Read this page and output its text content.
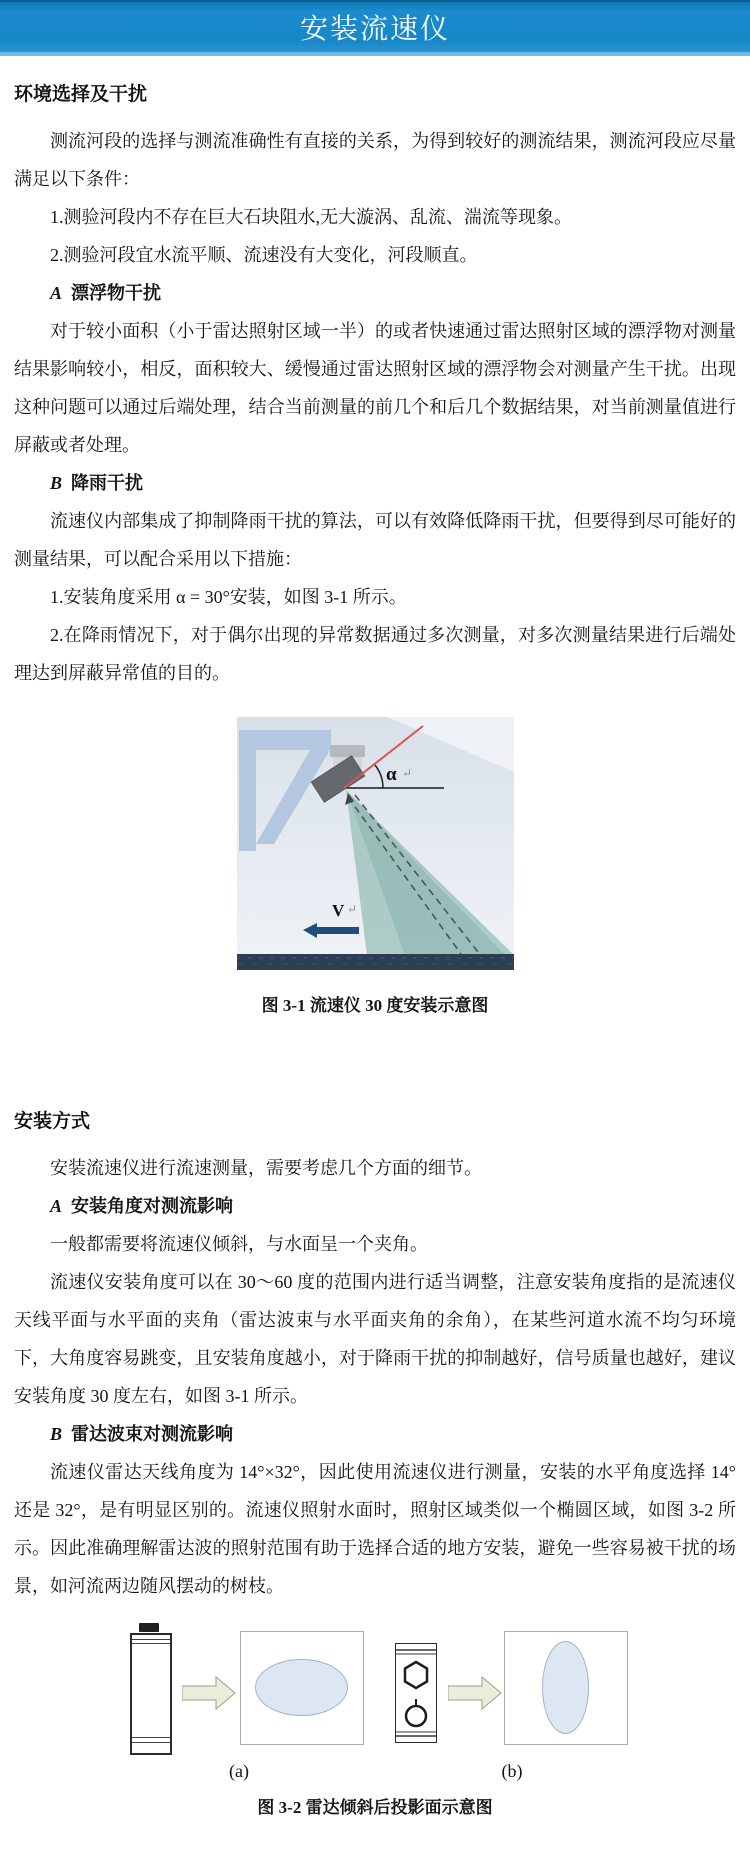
安装流速仪
环境选择及干扰

测流河段的选择与测流准确性有直接的关系，为得到较好的测流结果，测流河段应尽量满足以下条件：

1.测验河段内不存在巨大石块阻水,无大漩涡、乱流、湍流等现象。

2.测验河段宜水流平顺、流速没有大变化，河段顺直。

A 漂浮物干扰

对于较小面积（小于雷达照射区域一半）的或者快速通过雷达照射区域的漂浮物对测量结果影响较小，相反，面积较大、缓慢通过雷达照射区域的漂浮物会对测量产生干扰。出现这种问题可以通过后端处理，结合当前测量的前几个和后几个数据结果，对当前测量值进行屏蔽或者处理。

B 降雨干扰

流速仪内部集成了抑制降雨干扰的算法，可以有效降低降雨干扰，但要得到尽可能好的测量结果，可以配合采用以下措施：

1.安装角度采用 α = 30°安装，如图 3-1 所示。

2.在降雨情况下，对于偶尔出现的异常数据通过多次测量，对多次测量结果进行后端处理达到屏蔽异常值的目的。

α ↵
V ↵

图 3-1 流速仪 30 度安装示意图

安装方式

安装流速仪进行流速测量，需要考虑几个方面的细节。

A 安装角度对测流影响

一般都需要将流速仪倾斜，与水面呈一个夹角。

流速仪安装角度可以在 30～60 度的范围内进行适当调整，注意安装角度指的是流速仪天线平面与水平面的夹角（雷达波束与水平面夹角的余角），在某些河道水流不均匀环境下，大角度容易跳变，且安装角度越小，对于降雨干扰的抑制越好，信号质量也越好，建议安装角度 30 度左右，如图 3-1 所示。

B 雷达波束对测流影响

流速仪雷达天线角度为 14°×32°，因此使用流速仪进行测量，安装的水平角度选择 14°还是 32°，是有明显区别的。流速仪照射水面时，照射区域类似一个椭圆区域，如图 3-2 所示。因此准确理解雷达波的照射范围有助于选择合适的地方安装，避免一些容易被干扰的场景，如河流两边随风摆动的树枝。

(a)	(b)
图 3-2 雷达倾斜后投影面示意图
